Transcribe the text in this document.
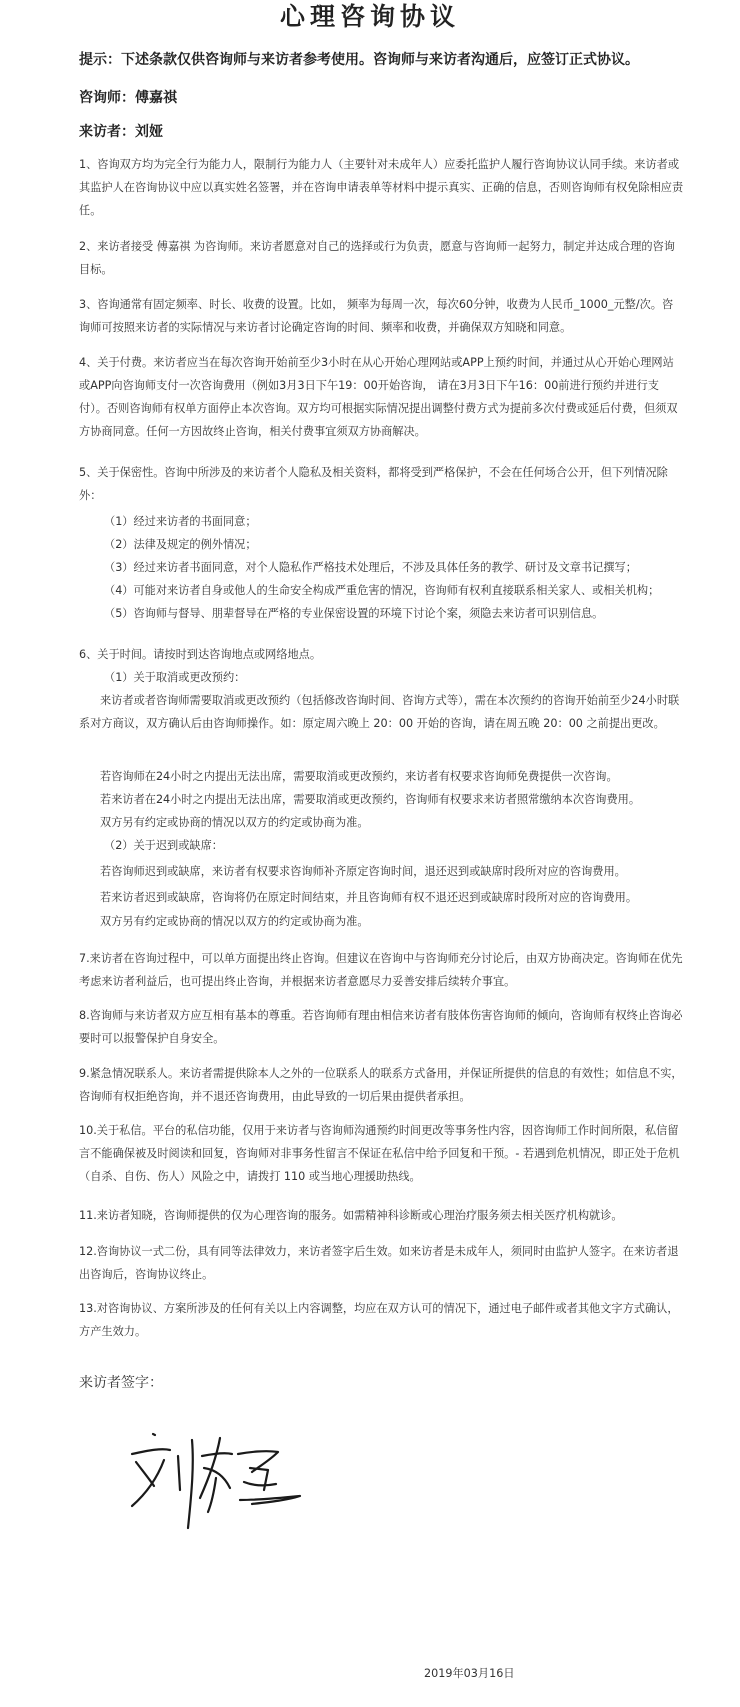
心理咨询协议

提示：下述条款仅供咨询师与来访者参考使用。咨询师与来访者沟通后，应签订正式协议。

咨询师：傅嘉祺

来访者：刘娅

1、咨询双方均为完全行为能力人，限制行为能力人（主要针对未成年人）应委托监护人履行咨询协议认同手续。来访者或其监护人在咨询协议中应以真实姓名签署，并在咨询申请表单等材料中提示真实、正确的信息，否则咨询师有权免除相应责任。

2、来访者接受 傅嘉祺 为咨询师。来访者愿意对自己的选择或行为负责，愿意与咨询师一起努力，制定并达成合理的咨询目标。

3、咨询通常有固定频率、时长、收费的设置。比如， 频率为每周一次，每次60分钟，收费为人民币_1000_元整/次。咨询师可按照来访者的实际情况与来访者讨论确定咨询的时间、频率和收费，并确保双方知晓和同意。

4、关于付费。来访者应当在每次咨询开始前至少3小时在从心开始心理网站或APP上预约时间，并通过从心开始心理网站或APP向咨询师支付一次咨询费用（例如3月3日下午19：00开始咨询， 请在3月3日下午16：00前进行预约并进行支付）。否则咨询师有权单方面停止本次咨询。双方均可根据实际情况提出调整付费方式为提前多次付费或延后付费，但须双方协商同意。任何一方因故终止咨询，相关付费事宜须双方协商解决。

5、关于保密性。咨询中所涉及的来访者个人隐私及相关资料，都将受到严格保护，不会在任何场合公开，但下列情况除外：

（1）经过来访者的书面同意；

（2）法律及规定的例外情况；

（3）经过来访者书面同意，对个人隐私作严格技术处理后，不涉及具体任务的教学、研讨及文章书记撰写；

（4）可能对来访者自身或他人的生命安全构成严重危害的情况，咨询师有权利直接联系相关家人、或相关机构；

（5）咨询师与督导、朋辈督导在严格的专业保密设置的环境下讨论个案，须隐去来访者可识别信息。

6、关于时间。请按时到达咨询地点或网络地点。

（1）关于取消或更改预约：

来访者或者咨询师需要取消或更改预约（包括修改咨询时间、咨询方式等），需在本次预约的咨询开始前至少24小时联系对方商议，双方确认后由咨询师操作。如：原定周六晚上 20：00 开始的咨询，请在周五晚 20：00 之前提出更改。

若咨询师在24小时之内提出无法出席，需要取消或更改预约，来访者有权要求咨询师免费提供一次咨询。

若来访者在24小时之内提出无法出席，需要取消或更改预约，咨询师有权要求来访者照常缴纳本次咨询费用。

双方另有约定或协商的情况以双方的约定或协商为准。

（2）关于迟到或缺席：

若咨询师迟到或缺席，来访者有权要求咨询师补齐原定咨询时间，退还迟到或缺席时段所对应的咨询费用。

若来访者迟到或缺席，咨询将仍在原定时间结束，并且咨询师有权不退还迟到或缺席时段所对应的咨询费用。

双方另有约定或协商的情况以双方的约定或协商为准。

7.来访者在咨询过程中，可以单方面提出终止咨询。但建议在咨询中与咨询师充分讨论后，由双方协商决定。咨询师在优先考虑来访者利益后，也可提出终止咨询，并根据来访者意愿尽力妥善安排后续转介事宜。

8.咨询师与来访者双方应互相有基本的尊重。若咨询师有理由相信来访者有肢体伤害咨询师的倾向，咨询师有权终止咨询必要时可以报警保护自身安全。

9.紧急情况联系人。来访者需提供除本人之外的一位联系人的联系方式备用，并保证所提供的信息的有效性；如信息不实，咨询师有权拒绝咨询，并不退还咨询费用，由此导致的一切后果由提供者承担。

10.关于私信。平台的私信功能，仅用于来访者与咨询师沟通预约时间更改等事务性内容，因咨询师工作时间所限，私信留言不能确保被及时阅读和回复，咨询师对非事务性留言不保证在私信中给予回复和干预。- 若遇到危机情况，即正处于危机（自杀、自伤、伤人）风险之中，请拨打 110 或当地心理援助热线。

11.来访者知晓，咨询师提供的仅为心理咨询的服务。如需精神科诊断或心理治疗服务须去相关医疗机构就诊。

12.咨询协议一式二份，具有同等法律效力，来访者签字后生效。如来访者是未成年人，须同时由监护人签字。在来访者退出咨询后，咨询协议终止。

13.对咨询协议、方案所涉及的任何有关以上内容调整，均应在双方认可的情况下，通过电子邮件或者其他文字方式确认，方产生效力。

来访者签字：

2019年03月16日
